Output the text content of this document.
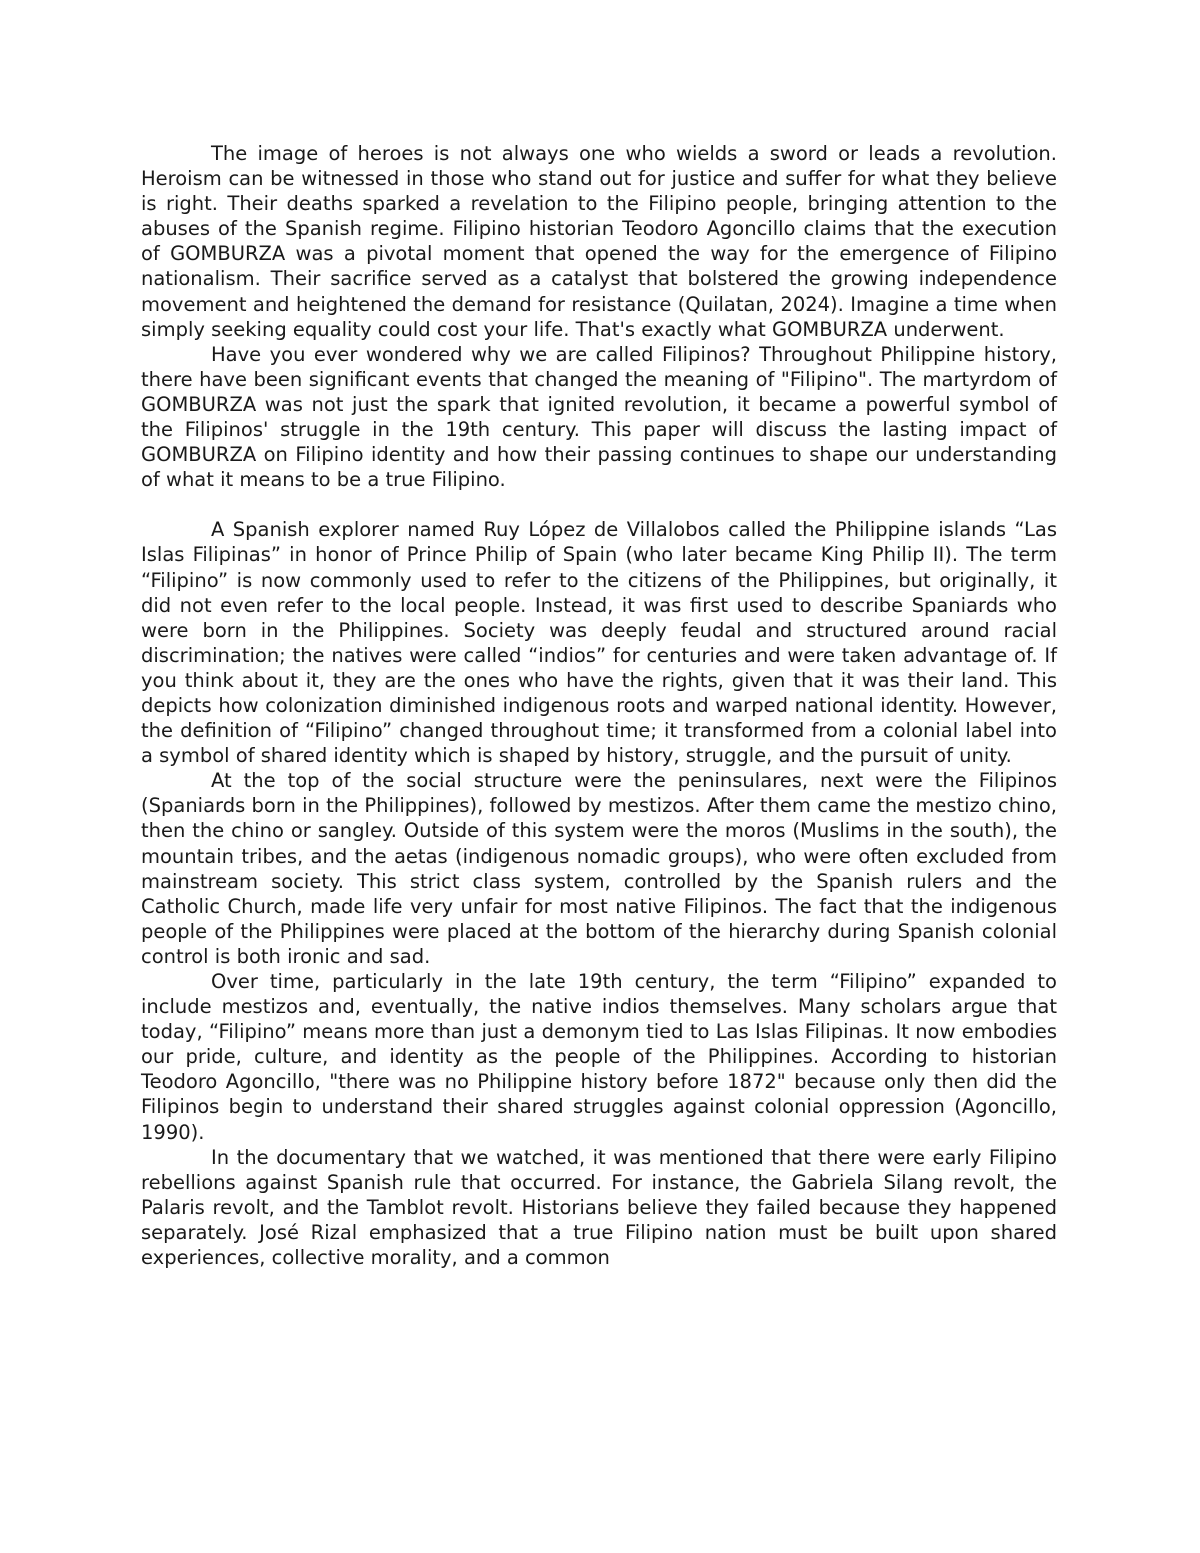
The image of heroes is not always one who wields a sword or leads a revolution. Heroism can be witnessed in those who stand out for justice and suffer for what they believe is right. Their deaths sparked a revelation to the Filipino people, bringing attention to the abuses of the Spanish regime. Filipino historian Teodoro Agoncillo claims that the execution of GOMBURZA was a pivotal moment that opened the way for the emergence of Filipino nationalism. Their sacrifice served as a catalyst that bolstered the growing independence movement and heightened the demand for resistance (Quilatan, 2024). Imagine a time when simply seeking equality could cost your life. That's exactly what GOMBURZA underwent.

Have you ever wondered why we are called Filipinos? Throughout Philippine history, there have been significant events that changed the meaning of "Filipino". The martyrdom of GOMBURZA was not just the spark that ignited revolution, it became a powerful symbol of the Filipinos' struggle in the 19th century. This paper will discuss the lasting impact of GOMBURZA on Filipino identity and how their passing continues to shape our understanding of what it means to be a true Filipino.

A Spanish explorer named Ruy López de Villalobos called the Philippine islands “Las Islas Filipinas” in honor of Prince Philip of Spain (who later became King Philip II). The term “Filipino” is now commonly used to refer to the citizens of the Philippines, but originally, it did not even refer to the local people. Instead, it was first used to describe Spaniards who were born in the Philippines. Society was deeply feudal and structured around racial discrimination; the natives were called “indios” for centuries and were taken advantage of. If you think about it, they are the ones who have the rights, given that it was their land. This depicts how colonization diminished indigenous roots and warped national identity. However, the definition of “Filipino” changed throughout time; it transformed from a colonial label into a symbol of shared identity which is shaped by history, struggle, and the pursuit of unity.

At the top of the social structure were the peninsulares, next were the Filipinos (Spaniards born in the Philippines), followed by mestizos. After them came the mestizo chino, then the chino or sangley. Outside of this system were the moros (Muslims in the south), the mountain tribes, and the aetas (indigenous nomadic groups), who were often excluded from mainstream society. This strict class system, controlled by the Spanish rulers and the Catholic Church, made life very unfair for most native Filipinos. The fact that the indigenous people of the Philippines were placed at the bottom of the hierarchy during Spanish colonial control is both ironic and sad.

Over time, particularly in the late 19th century, the term “Filipino” expanded to include mestizos and, eventually, the native indios themselves. Many scholars argue that today, “Filipino” means more than just a demonym tied to Las Islas Filipinas. It now embodies our pride, culture, and identity as the people of the Philippines. According to historian Teodoro Agoncillo, "there was no Philippine history before 1872" because only then did the Filipinos begin to understand their shared struggles against colonial oppression (Agoncillo, 1990).

In the documentary that we watched, it was mentioned that there were early Filipino rebellions against Spanish rule that occurred. For instance, the Gabriela Silang revolt, the Palaris revolt, and the Tamblot revolt. Historians believe they failed because they happened separately. José Rizal emphasized that a true Filipino nation must be built upon shared experiences, collective morality, and a common
